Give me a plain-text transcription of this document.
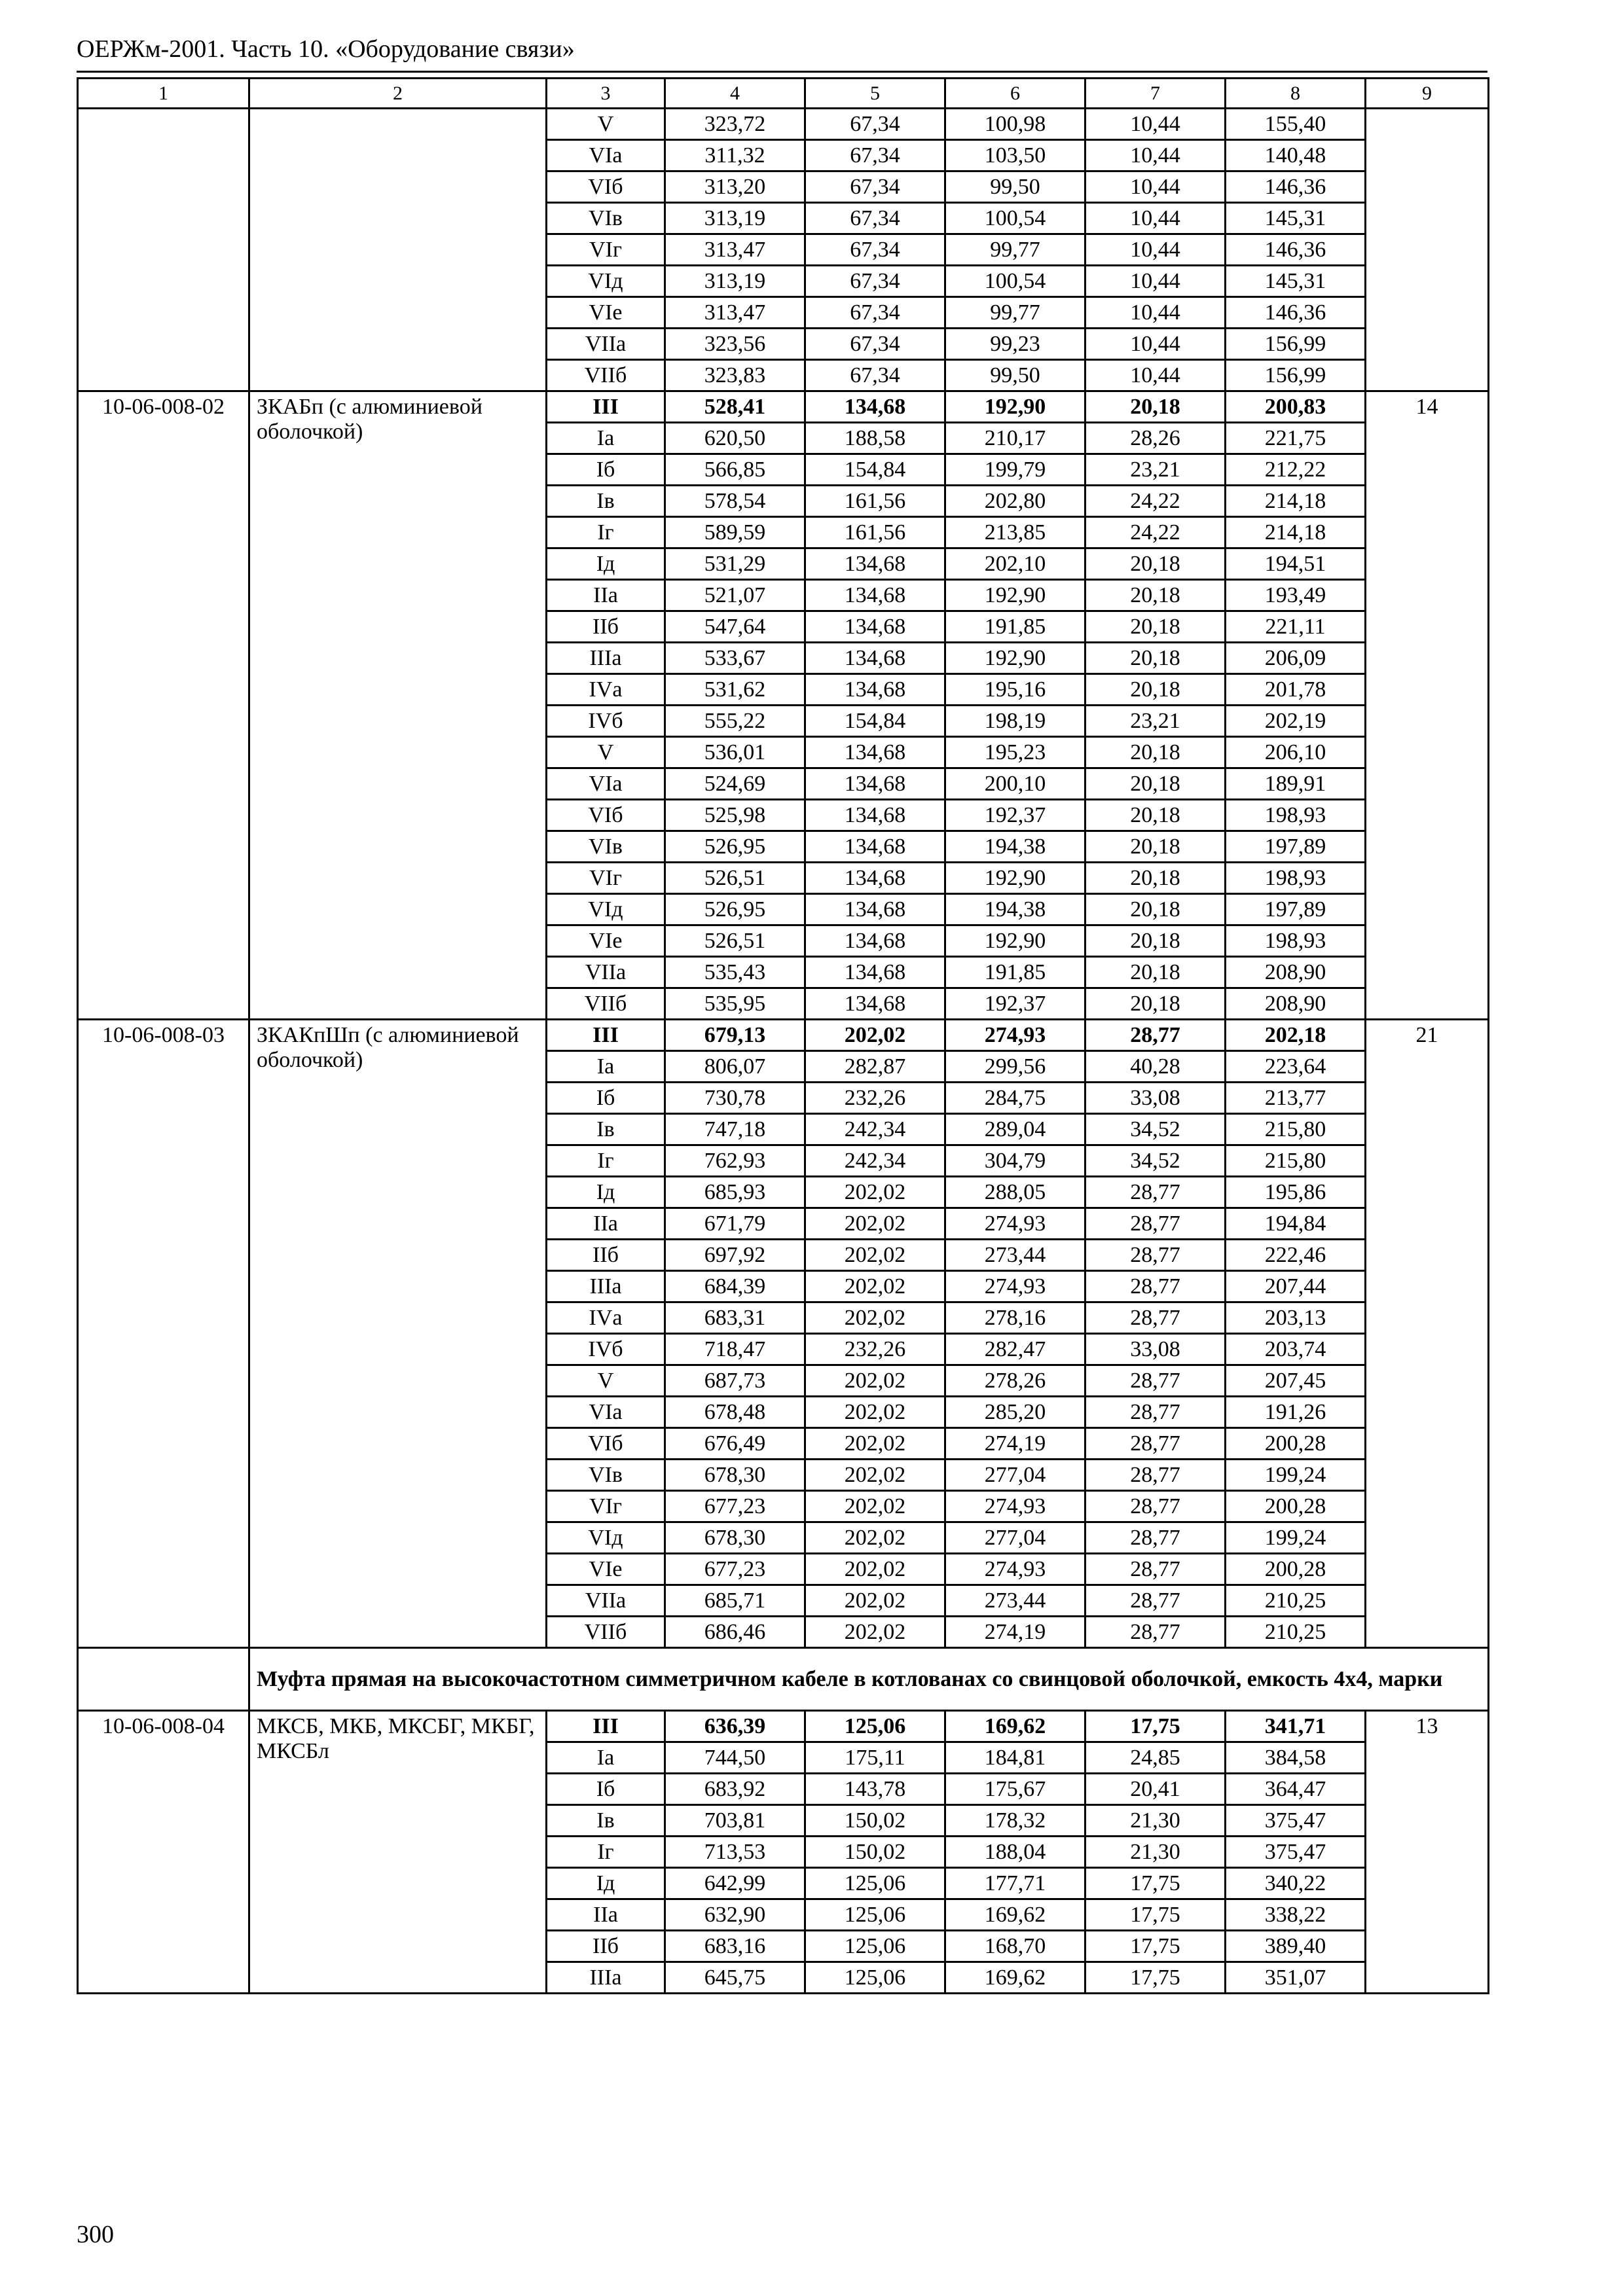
ОЕРЖм-2001. Часть 10. «Оборудование связи»
1	2	3	4	5	6	7	8	9
		V	323,72	67,34	100,98	10,44	155,40	
		VIа	311,32	67,34	103,50	10,44	140,48	
		VIб	313,20	67,34	99,50	10,44	146,36	
		VIв	313,19	67,34	100,54	10,44	145,31	
		VIг	313,47	67,34	99,77	10,44	146,36	
		VIд	313,19	67,34	100,54	10,44	145,31	
		VIе	313,47	67,34	99,77	10,44	146,36	
		VIIа	323,56	67,34	99,23	10,44	156,99	
		VIIб	323,83	67,34	99,50	10,44	156,99	
10-06-008-02	ЗКАБп (с алюминиевой оболочкой)	III	528,41	134,68	192,90	20,18	200,83	14
		Iа	620,50	188,58	210,17	28,26	221,75	
		Iб	566,85	154,84	199,79	23,21	212,22	
		Iв	578,54	161,56	202,80	24,22	214,18	
		Iг	589,59	161,56	213,85	24,22	214,18	
		Iд	531,29	134,68	202,10	20,18	194,51	
		IIа	521,07	134,68	192,90	20,18	193,49	
		IIб	547,64	134,68	191,85	20,18	221,11	
		IIIа	533,67	134,68	192,90	20,18	206,09	
		IVа	531,62	134,68	195,16	20,18	201,78	
		IVб	555,22	154,84	198,19	23,21	202,19	
		V	536,01	134,68	195,23	20,18	206,10	
		VIа	524,69	134,68	200,10	20,18	189,91	
		VIб	525,98	134,68	192,37	20,18	198,93	
		VIв	526,95	134,68	194,38	20,18	197,89	
		VIг	526,51	134,68	192,90	20,18	198,93	
		VIд	526,95	134,68	194,38	20,18	197,89	
		VIе	526,51	134,68	192,90	20,18	198,93	
		VIIа	535,43	134,68	191,85	20,18	208,90	
		VIIб	535,95	134,68	192,37	20,18	208,90	
10-06-008-03	ЗКАКпШп (с алюминиевой оболочкой)	III	679,13	202,02	274,93	28,77	202,18	21
		Iа	806,07	282,87	299,56	40,28	223,64	
		Iб	730,78	232,26	284,75	33,08	213,77	
		Iв	747,18	242,34	289,04	34,52	215,80	
		Iг	762,93	242,34	304,79	34,52	215,80	
		Iд	685,93	202,02	288,05	28,77	195,86	
		IIа	671,79	202,02	274,93	28,77	194,84	
		IIб	697,92	202,02	273,44	28,77	222,46	
		IIIа	684,39	202,02	274,93	28,77	207,44	
		IVа	683,31	202,02	278,16	28,77	203,13	
		IVб	718,47	232,26	282,47	33,08	203,74	
		V	687,73	202,02	278,26	28,77	207,45	
		VIа	678,48	202,02	285,20	28,77	191,26	
		VIб	676,49	202,02	274,19	28,77	200,28	
		VIв	678,30	202,02	277,04	28,77	199,24	
		VIг	677,23	202,02	274,93	28,77	200,28	
		VIд	678,30	202,02	277,04	28,77	199,24	
		VIе	677,23	202,02	274,93	28,77	200,28	
		VIIа	685,71	202,02	273,44	28,77	210,25	
		VIIб	686,46	202,02	274,19	28,77	210,25	
	Муфта прямая на высокочастотном симметричном кабеле в котлованах со свинцовой оболочкой, емкость 4х4, марки							
10-06-008-04	МКСБ, МКБ, МКСБГ, МКБГ, МКСБл	III	636,39	125,06	169,62	17,75	341,71	13
		Iа	744,50	175,11	184,81	24,85	384,58	
		Iб	683,92	143,78	175,67	20,41	364,47	
		Iв	703,81	150,02	178,32	21,30	375,47	
		Iг	713,53	150,02	188,04	21,30	375,47	
		Iд	642,99	125,06	177,71	17,75	340,22	
		IIа	632,90	125,06	169,62	17,75	338,22	
		IIб	683,16	125,06	168,70	17,75	389,40	
		IIIа	645,75	125,06	169,62	17,75	351,07	
300
